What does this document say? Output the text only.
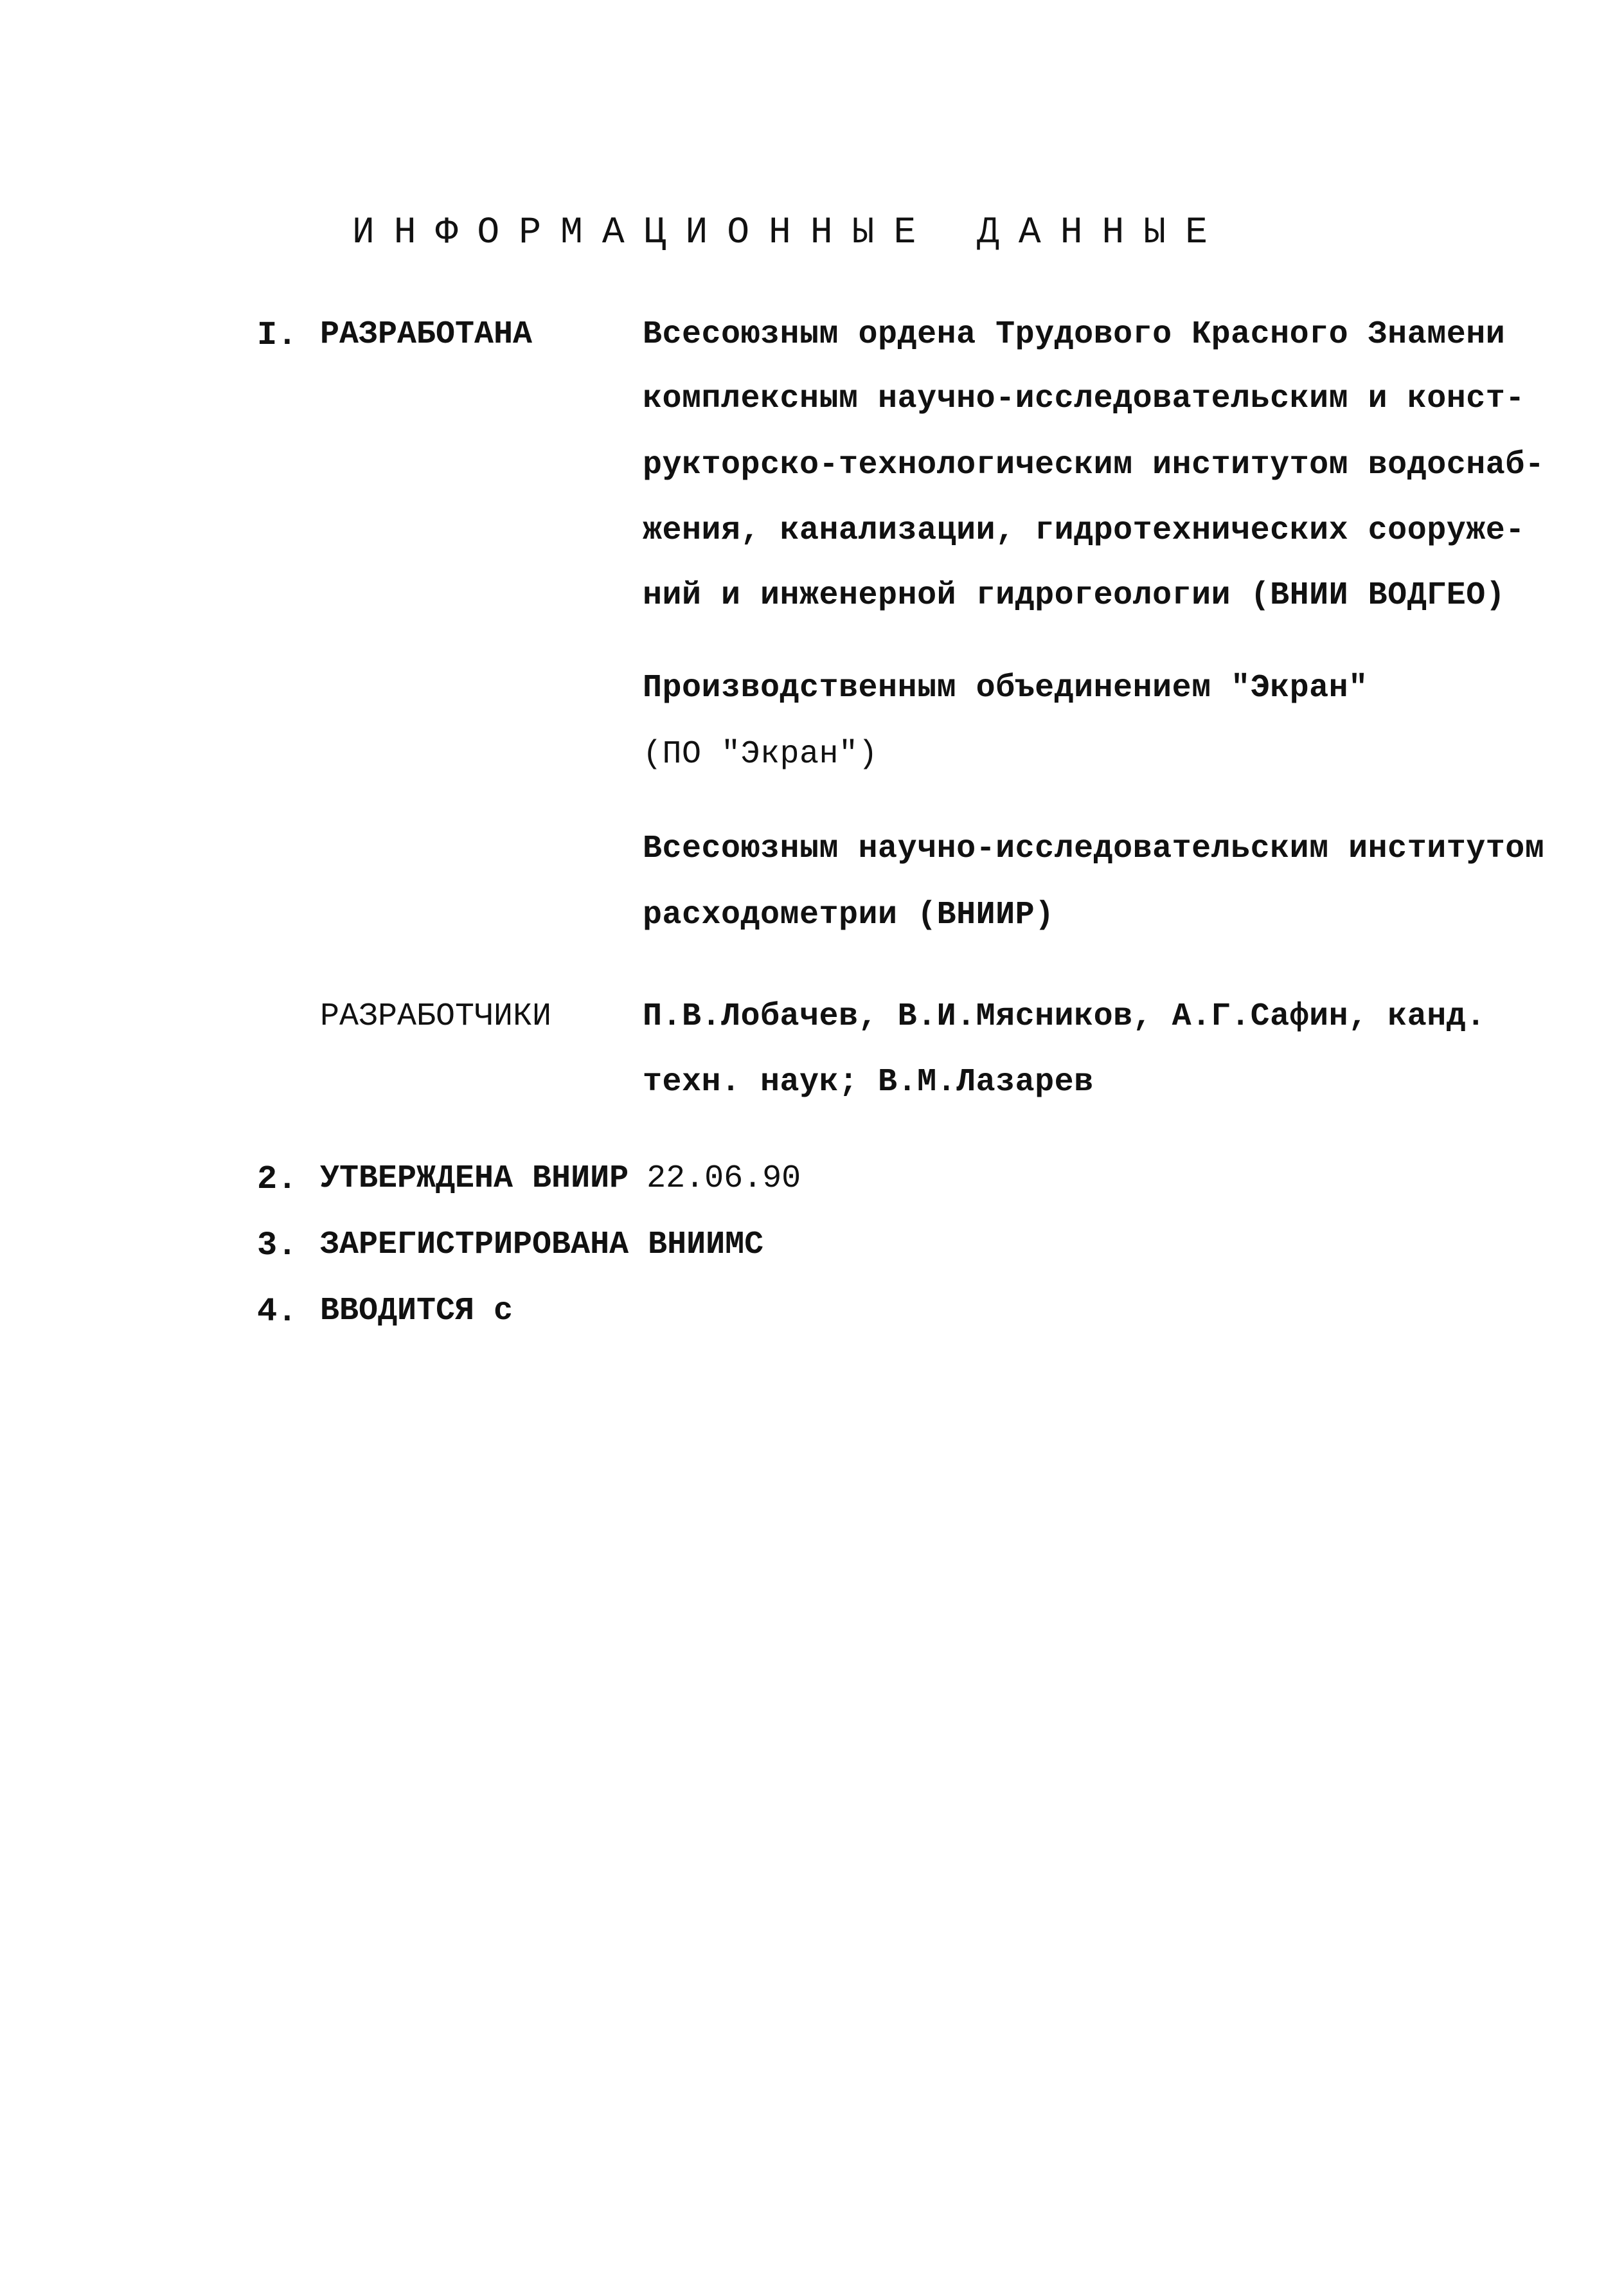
ИНФОРМАЦИОННЫЕ ДАННЫЕ
I. РАЗРАБОТАНА	Всесоюзным ордена Трудового Красного Знамени
комплексным научно-исследовательским и конст-
рукторско-технологическим институтом водоснаб-
жения, канализации, гидротехнических сооруже-
ний и инженерной гидрогеологии (ВНИИ ВОДГЕО)
Производственным объединением "Экран"
(ПО "Экран")
Всесоюзным научно-исследовательским институтом
расходометрии (ВНИИР)
РАЗРАБОТЧИКИ	П.В.Лобачев, В.И.Мясников, А.Г.Сафин, канд.
техн. наук; В.М.Лазарев
2. УТВЕРЖДЕНА ВНИИР 22.06.90
3. ЗАРЕГИСТРИРОВАНА ВНИИМС
4. ВВОДИТСЯ с
